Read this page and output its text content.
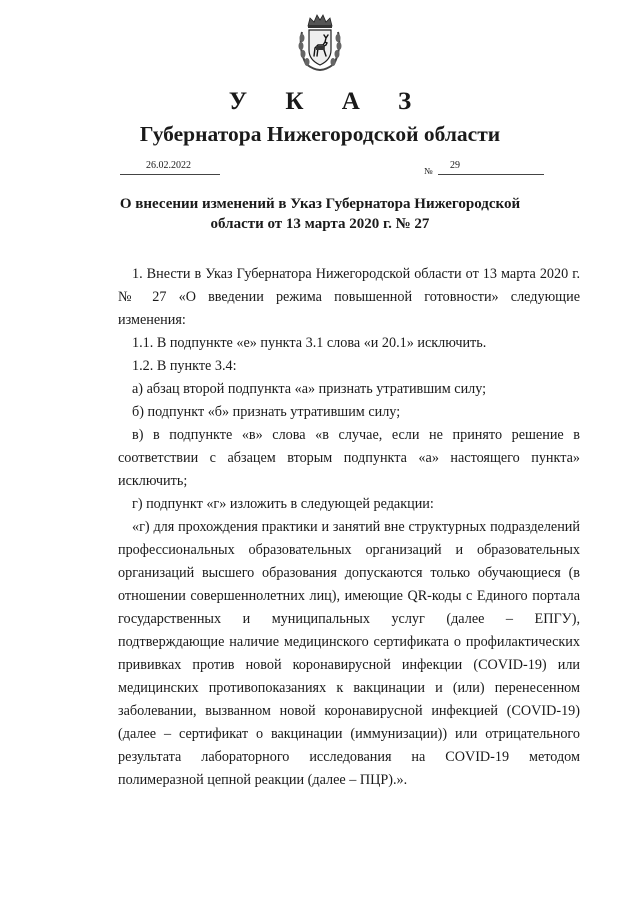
У К А З
Губернатора Нижегородской области
26.02.2022	№ 29
О внесении изменений в Указ Губернатора Нижегородской области от 13 марта 2020 г. № 27

1. Внести в Указ Губернатора Нижегородской области от 13 марта 2020 г. № 27 «О введении режима повышенной готовности» следующие изменения:

1.1. В подпункте «е» пункта 3.1 слова «и 20.1» исключить.

1.2. В пункте 3.4:

а) абзац второй подпункта «а» признать утратившим силу;

б) подпункт «б» признать утратившим силу;

в) в подпункте «в» слова «в случае, если не принято решение в соответствии с абзацем вторым подпункта «а» настоящего пункта» исключить;

г) подпункт «г» изложить в следующей редакции:

«г) для прохождения практики и занятий вне структурных подразделений профессиональных образовательных организаций и образовательных организаций высшего образования допускаются только обучающиеся (в отношении совершеннолетних лиц), имеющие QR-коды с Единого портала государственных и муниципальных услуг (далее – ЕПГУ), подтверждающие наличие медицинского сертификата о профилактических прививках против новой коронавирусной инфекции (COVID-19) или медицинских противопоказаниях к вакцинации и (или) перенесенном заболевании, вызванном новой коронавирусной инфекцией (COVID-19) (далее – сертификат о вакцинации (иммунизации)) или отрицательного результата лабораторного исследования на COVID-19 методом полимеразной цепной реакции (далее – ПЦР).».
